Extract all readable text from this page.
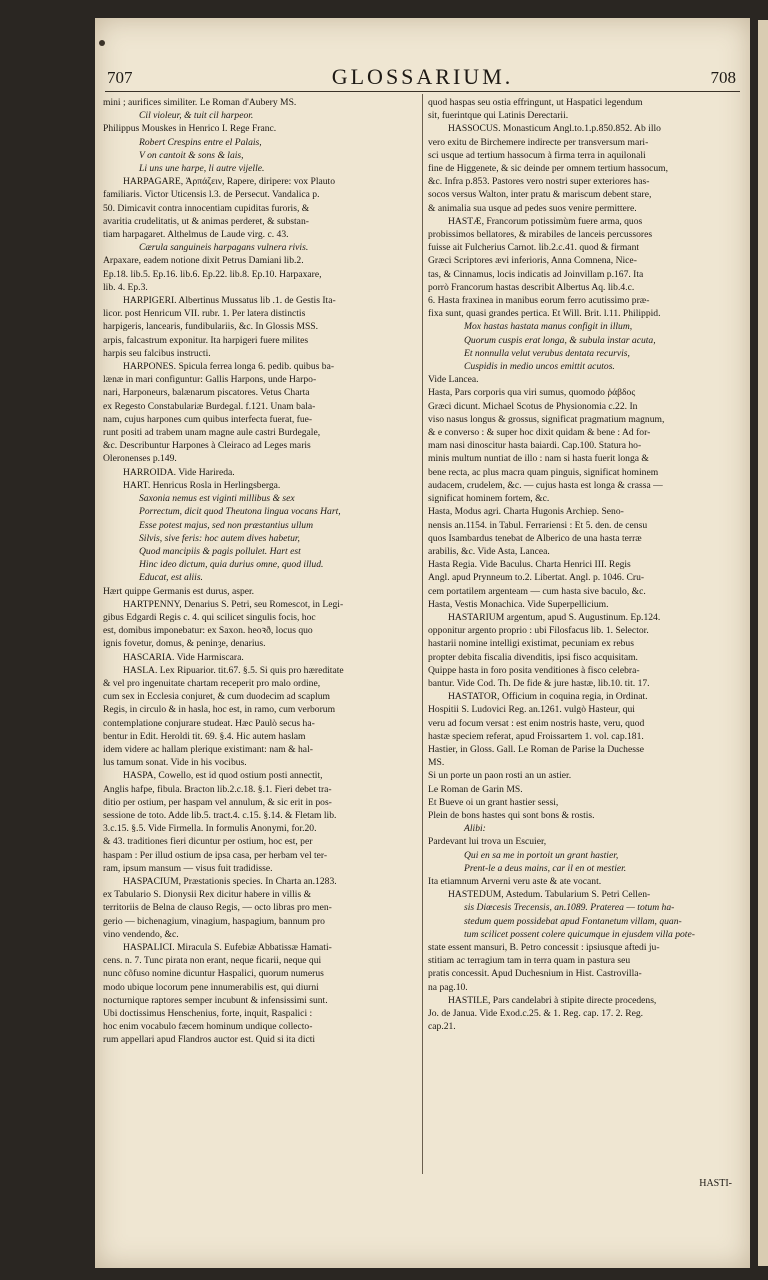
707	GLOSSARIUM.	708
mini ; aurifices similiter. Le Roman d'Aubery MS.
Cil violeur, & tuit cil harpeor.
Philippus Mouskes in Henrico I. Rege Franc.
Robert Crespins entre el Palais,
V on cantoit & sons & lais,
Li uns une harpe, li autre vijelle.
HARPAGARE, Ἁρπάζειν, Rapere, diripere: vox Plauto
familiaris. Victor Uticensis l.3. de Persecut. Vandalica p.
50. Dimicavit contra innocentiam cupiditas furoris, &
avaritia crudelitatis, ut & animas perderet, & substan-
tiam harpagaret. Althelmus de Laude virg. c. 43.
Cærula sanguineis harpagans vulnera rivis.
Arpaxare, eadem notione dixit Petrus Damiani lib.2.
Ep.18. lib.5. Ep.16. lib.6. Ep.22. lib.8. Ep.10. Harpaxare,
lib. 4. Ep.3.
HARPIGERI. Albertinus Mussatus lib .1. de Gestis Ita-
licor. post Henricum VII. rubr. 1. Per latera distinctis
harpigeris, lancearis, fundibulariis, &c. In Glossis MSS.
arpis, falcastrum exponitur. Ita harpigeri fuere milites
harpis seu falcibus instructi.
HARPONES. Spicula ferrea longa 6. pedib. quibus ba-
lænæ in mari configuntur: Gallis Harpons, unde Harpo-
nari, Harponeurs, balænarum piscatores. Vetus Charta
ex Regesto Constabulariæ Burdegal. f.121. Unam bala-
nam, cujus harpones cum quibus interfecta fuerat, fue-
runt positi ad trabem unam magne aule castri Burdegale,
&c. Describuntur Harpones à Cleiraco ad Leges maris
Oleronenses p.149.
HARROIDA. Vide Harireda.
HART. Henricus Rosla in Herlingsberga.
Saxonia nemus est viginti millibus & sex
Porrectum, dicit quod Theutona lingua vocans Hart,
Esse potest majus, sed non præstantius ullum
Silvis, sive feris: hoc autem dives habetur,
Quod mancipiis & pagis pollulet. Hart est
Hinc ideo dictum, quia durius omne, quod illud.
Educat, est aliis.
Hært quippe Germanis est durus, asper.
HARTPENNY, Denarius S. Petri, seu Romescot, in Legi-
gibus Edgardi Regis c. 4. qui scilicet singulis focis, hoc
est, domibus imponebatur: ex Saxon. heoꝛð, locus quo
ignis fovetur, domus, & peninȝe, denarius.
HASCARIA. Vide Harmiscara.
HASLA. Lex Ripuarior. tit.67. §.5. Si quis pro hæreditate
& vel pro ingenuitate chartam receperit pro malo ordine,
cum sex in Ecclesia conjuret, & cum duodecim ad scaplum
Regis, in circulo & in hasla, hoc est, in ramo, cum verborum
contemplatione conjurare studeat. Hæc Paulò secus ha-
bentur in Edit. Heroldi tit. 69. §.4. Hic autem haslam
idem videre ac hallam plerique existimant: nam & hal-
lus tamum sonat. Vide in his vocibus.
HASPA, Cowello, est id quod ostium posti annectit,
Anglis hafpe, fibula. Bracton lib.2.c.18. §.1. Fieri debet tra-
ditio per ostium, per haspam vel annulum, & sic erit in pos-
sessione de toto. Adde lib.5. tract.4. c.15. §.14. & Fletam lib.
3.c.15. §.5. Vide Firmella. In formulis Anonymi, for.20.
& 43. traditiones fieri dicuntur per ostium, hoc est, per
haspam : Per illud ostium de ipsa casa, per herbam vel ter-
ram, ipsum mansum — visus fuit tradidisse.
HASPACIUM, Præstationis species. In Charta an.1283.
ex Tabulario S. Dionysii Rex dicitur habere in villis &
territoriis de Belna de clauso Regis, — octo libras pro men-
gerio — bichenagium, vinagium, haspagium, bannum pro
vino vendendo, &c.
HASPALICI. Miracula S. Eufebiæ Abbatissæ Hamati-
cens. n. 7. Tunc pirata non erant, neque ficarii, neque qui
nunc cõfuso nomine dicuntur Haspalici, quorum numerus
modo ubique locorum pene innumerabilis est, qui diurni
nocturnique raptores semper incubunt & infensissimi sunt.
Ubi doctissimus Henschenius, forte, inquit, Raspalici :
hoc enim vocabulo fæcem hominum undique collecto-
rum appellari apud Flandros auctor est. Quid si ita dicti
quod haspas seu ostia effringunt, ut Haspatici legendum
sit, fuerintque qui Latinis Derectarii.
HASSOCUS. Monasticum Angl.to.1.p.850.852. Ab illo
vero exitu de Birchemere indirecte per transversum mari-
sci usque ad tertium hassocum à firma terra in aquilonali
fine de Higgenete, & sic deinde per omnem tertium hassocum,
&c. Infra p.853. Pastores vero nostri super exteriores has-
socos versus Walton, inter pratu & mariscum debent stare,
& animalia sua usque ad pedes suos venire permittere.
HASTÆ, Francorum potissimùm fuere arma, quos
probissimos bellatores, & mirabiles de lanceis percussores
fuisse ait Fulcherius Carnot. lib.2.c.41. quod & firmant
Græci Scriptores ævi inferioris, Anna Comnena, Nice-
tas, & Cinnamus, locis indicatis ad Joinvillam p.167. Ita
porrò Francorum hastas describit Albertus Aq. lib.4.c.
6. Hasta fraxinea in manibus eorum ferro acutissimo præ-
fixa sunt, quasi grandes pertica. Et Will. Brit. l.11. Philippid.
Mox hastas hastata manus configit in illum,
Quorum cuspis erat longa, & subula instar acuta,
Et nonnulla velut verubus dentata recurvis,
Cuspidis in medio uncos emittit acutos.
Vide Lancea.
Hasta, Pars corporis qua viri sumus, quomodo ῥάβδος
Græci dicunt. Michael Scotus de Physionomia c.22. In
viso nasus longus & grossus, significat pragmatium magnum,
& e converso : & super hoc dixit quidam & bene : Ad for-
mam nasi dinoscitur hasta baiardi. Cap.100. Statura ho-
minis multum nuntiat de illo : nam si hasta fuerit longa &
bene recta, ac plus macra quam pinguis, significat hominem
audacem, crudelem, &c. — cujus hasta est longa & crassa —
significat hominem fortem, &c.
Hasta, Modus agri. Charta Hugonis Archiep. Seno-
nensis an.1154. in Tabul. Ferrariensi : Et 5. den. de censu
quos Isambardus tenebat de Alberico de una hasta terræ
arabilis, &c. Vide Asta, Lancea.
Hasta Regia. Vide Baculus. Charta Henrici III. Regis
Angl. apud Prynneum to.2. Libertat. Angl. p. 1046. Cru-
cem portatilem argenteam — cum hasta sive baculo, &c.
Hasta, Vestis Monachica. Vide Superpellicium.
HASTARIUM argentum, apud S. Augustinum. Ep.124.
opponitur argento proprio : ubi Filosfacus lib. 1. Selector.
hastarii nomine intelligi existimat, pecuniam ex rebus
propter debita fiscalia divenditis, ipsi fisco acquisitam.
Quippe hasta in foro posita venditiones à fisco celebra-
bantur. Vide Cod. Th. De fide & jure hastæ, lib.10. tit. 17.
HASTATOR, Officium in coquina regia, in Ordinat.
Hospitii S. Ludovici Reg. an.1261. vulgò Hasteur, qui
veru ad focum versat : est enim nostris haste, veru, quod
hastæ speciem referat, apud Froissartem 1. vol. cap.181.
Hastier, in Gloss. Gall. Le Roman de Parise la Duchesse
MS.
Si un porte un paon rosti an un astier.
Le Roman de Garin MS.
Et Bueve oi un grant hastier sessi,
Plein de bons hastes qui sont bons & rostis.
Alibi:
Pardevant lui trova un Escuier,
Qui en sa me in portoit un grant hastier,
Prent-le a deus mains, car il en ot mestier.
Ita etiamnum Arverni veru aste & ate vocant.
HASTEDUM, Astedum. Tabularium S. Petri Cellen-
sis Diœcesis Trecensis, an.1089. Praterea — totum ha-
stedum quem possidebat apud Fontanetum villam, quan-
tum scilicet possent colere quicumque in ejusdem villa pote-
state essent mansuri, B. Petro concessit : ipsiusque aftedi ju-
stitiam ac terragium tam in terra quam in pastura seu
pratis concessit. Apud Duchesnium in Hist. Castrovilla-
na pag.10.
HASTILE, Pars candelabri à stipite directe procedens,
Jo. de Janua. Vide Exod.c.25. & 1. Reg. cap. 17. 2. Reg.
cap.21.
HASTI-
